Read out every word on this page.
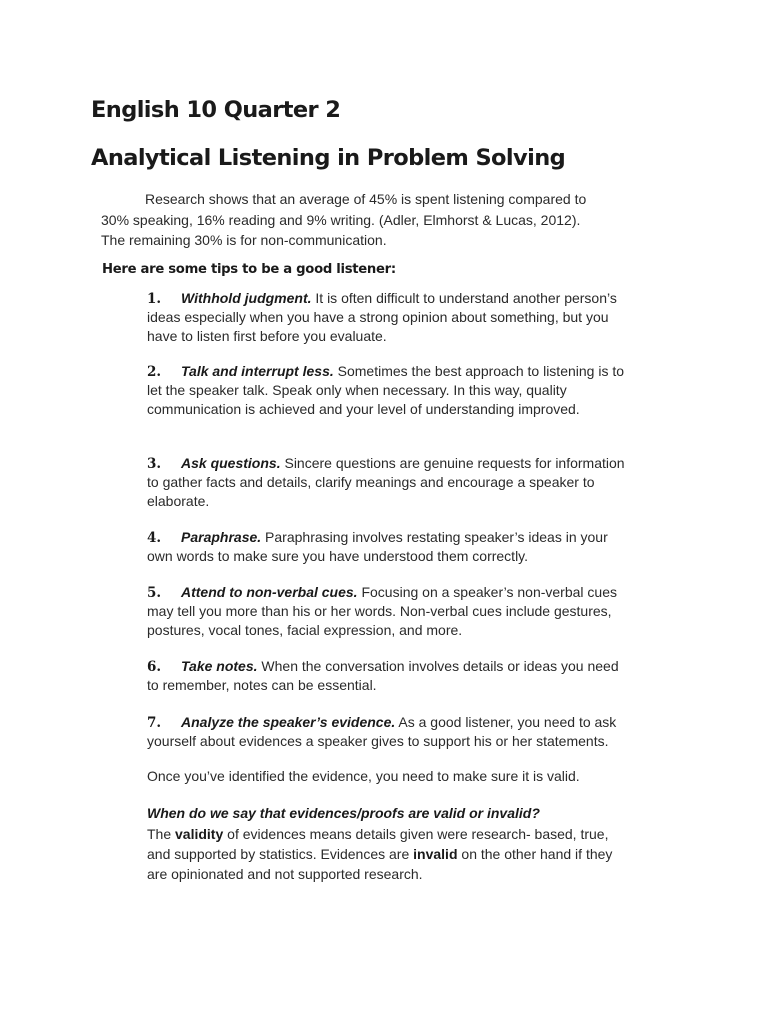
English 10 Quarter 2
Analytical Listening in Problem Solving

Research shows that an average of 45% is spent listening compared to

30% speaking, 16% reading and 9% writing. (Adler, Elmhorst & Lucas, 2012).

The remaining 30% is for non-communication.

Here are some tips to be a good listener:
1. Withhold judgment. It is often difficult to understand another person’s ideas especially when you have a strong opinion about something, but you have to listen first before you evaluate.
2. Talk and interrupt less. Sometimes the best approach to listening is to let the speaker talk. Speak only when necessary. In this way, quality communication is achieved and your level of understanding improved.
3. Ask questions. Sincere questions are genuine requests for information to gather facts and details, clarify meanings and encourage a speaker to elaborate.
4. Paraphrase. Paraphrasing involves restating speaker’s ideas in your own words to make sure you have understood them correctly.
5. Attend to non-verbal cues. Focusing on a speaker’s non-verbal cues may tell you more than his or her words. Non-verbal cues include gestures, postures, vocal tones, facial expression, and more.
6. Take notes. When the conversation involves details or ideas you need to remember, notes can be essential.
7. Analyze the speaker’s evidence. As a good listener, you need to ask yourself about evidences a speaker gives to support his or her statements.
Once you’ve identified the evidence, you need to make sure it is valid.
When do we say that evidences/proofs are valid or invalid?
The validity of evidences means details given were research- based, true, and supported by statistics. Evidences are invalid on the other hand if they are opinionated and not supported research.
